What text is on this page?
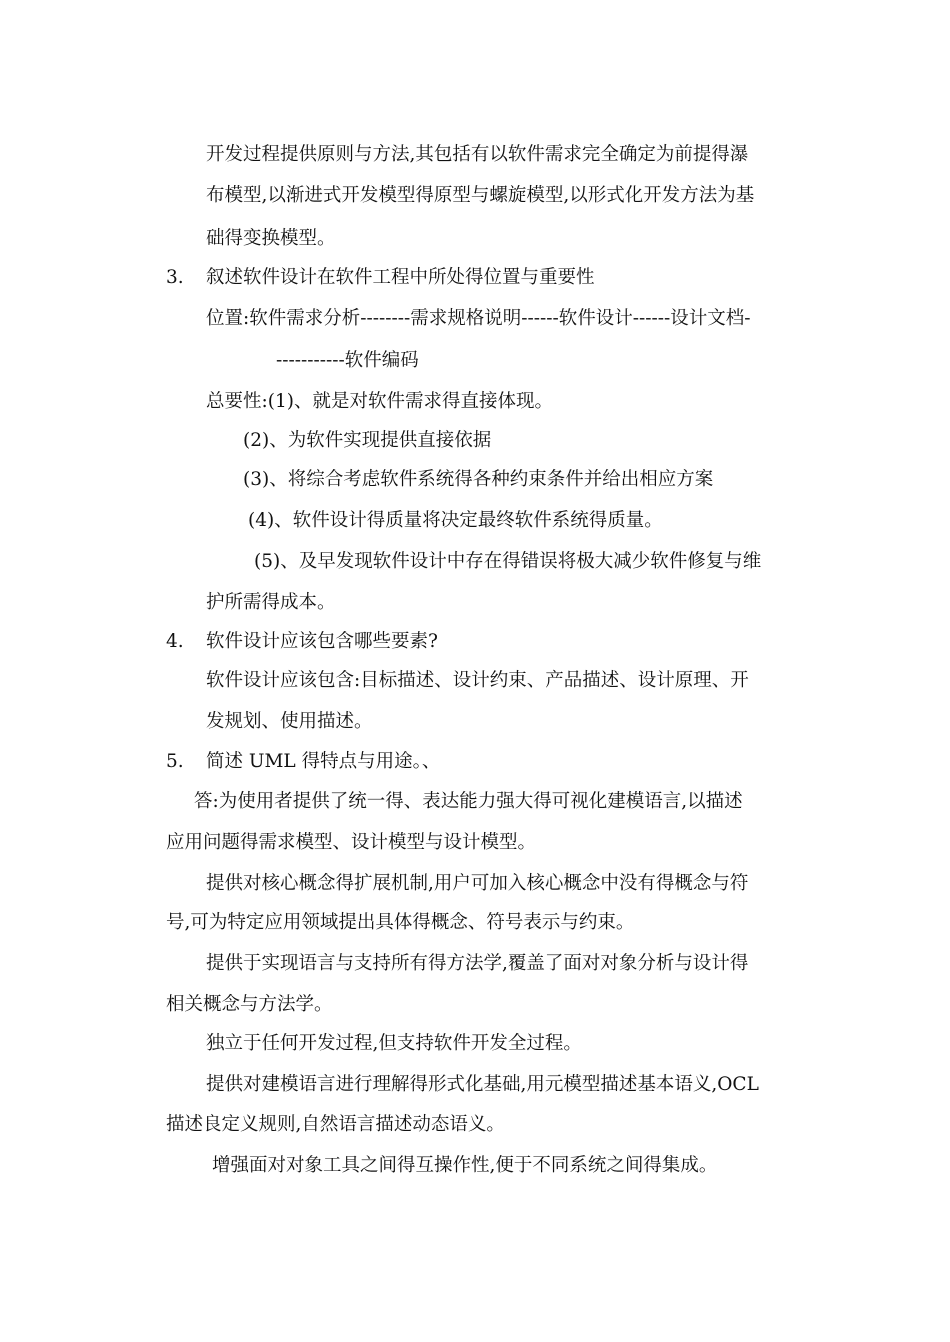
开发过程提供原则与方法,其包括有以软件需求完全确定为前提得瀑
布模型,以渐进式开发模型得原型与螺旋模型,以形式化开发方法为基
础得变换模型。
3. 叙述软件设计在软件工程中所处得位置与重要性
位置:软件需求分析--------需求规格说明------软件设计------设计文档-
-----------软件编码
总要性:(1)、就是对软件需求得直接体现。
(2)、为软件实现提供直接依据
(3)、将综合考虑软件系统得各种约束条件并给出相应方案
(4)、软件设计得质量将决定最终软件系统得质量。
(5)、及早发现软件设计中存在得错误将极大减少软件修复与维
护所需得成本。
4. 软件设计应该包含哪些要素?
软件设计应该包含:目标描述、设计约束、产品描述、设计原理、开
发规划、使用描述。
5. 简述 UML 得特点与用途。、
答:为使用者提供了统一得、表达能力强大得可视化建模语言,以描述
应用问题得需求模型、设计模型与设计模型。
提供对核心概念得扩展机制,用户可加入核心概念中没有得概念与符
号,可为特定应用领域提出具体得概念、符号表示与约束。
提供于实现语言与支持所有得方法学,覆盖了面对对象分析与设计得
相关概念与方法学。
独立于任何开发过程,但支持软件开发全过程。
提供对建模语言进行理解得形式化基础,用元模型描述基本语义,OCL
描述良定义规则,自然语言描述动态语义。
增强面对对象工具之间得互操作性,便于不同系统之间得集成。
